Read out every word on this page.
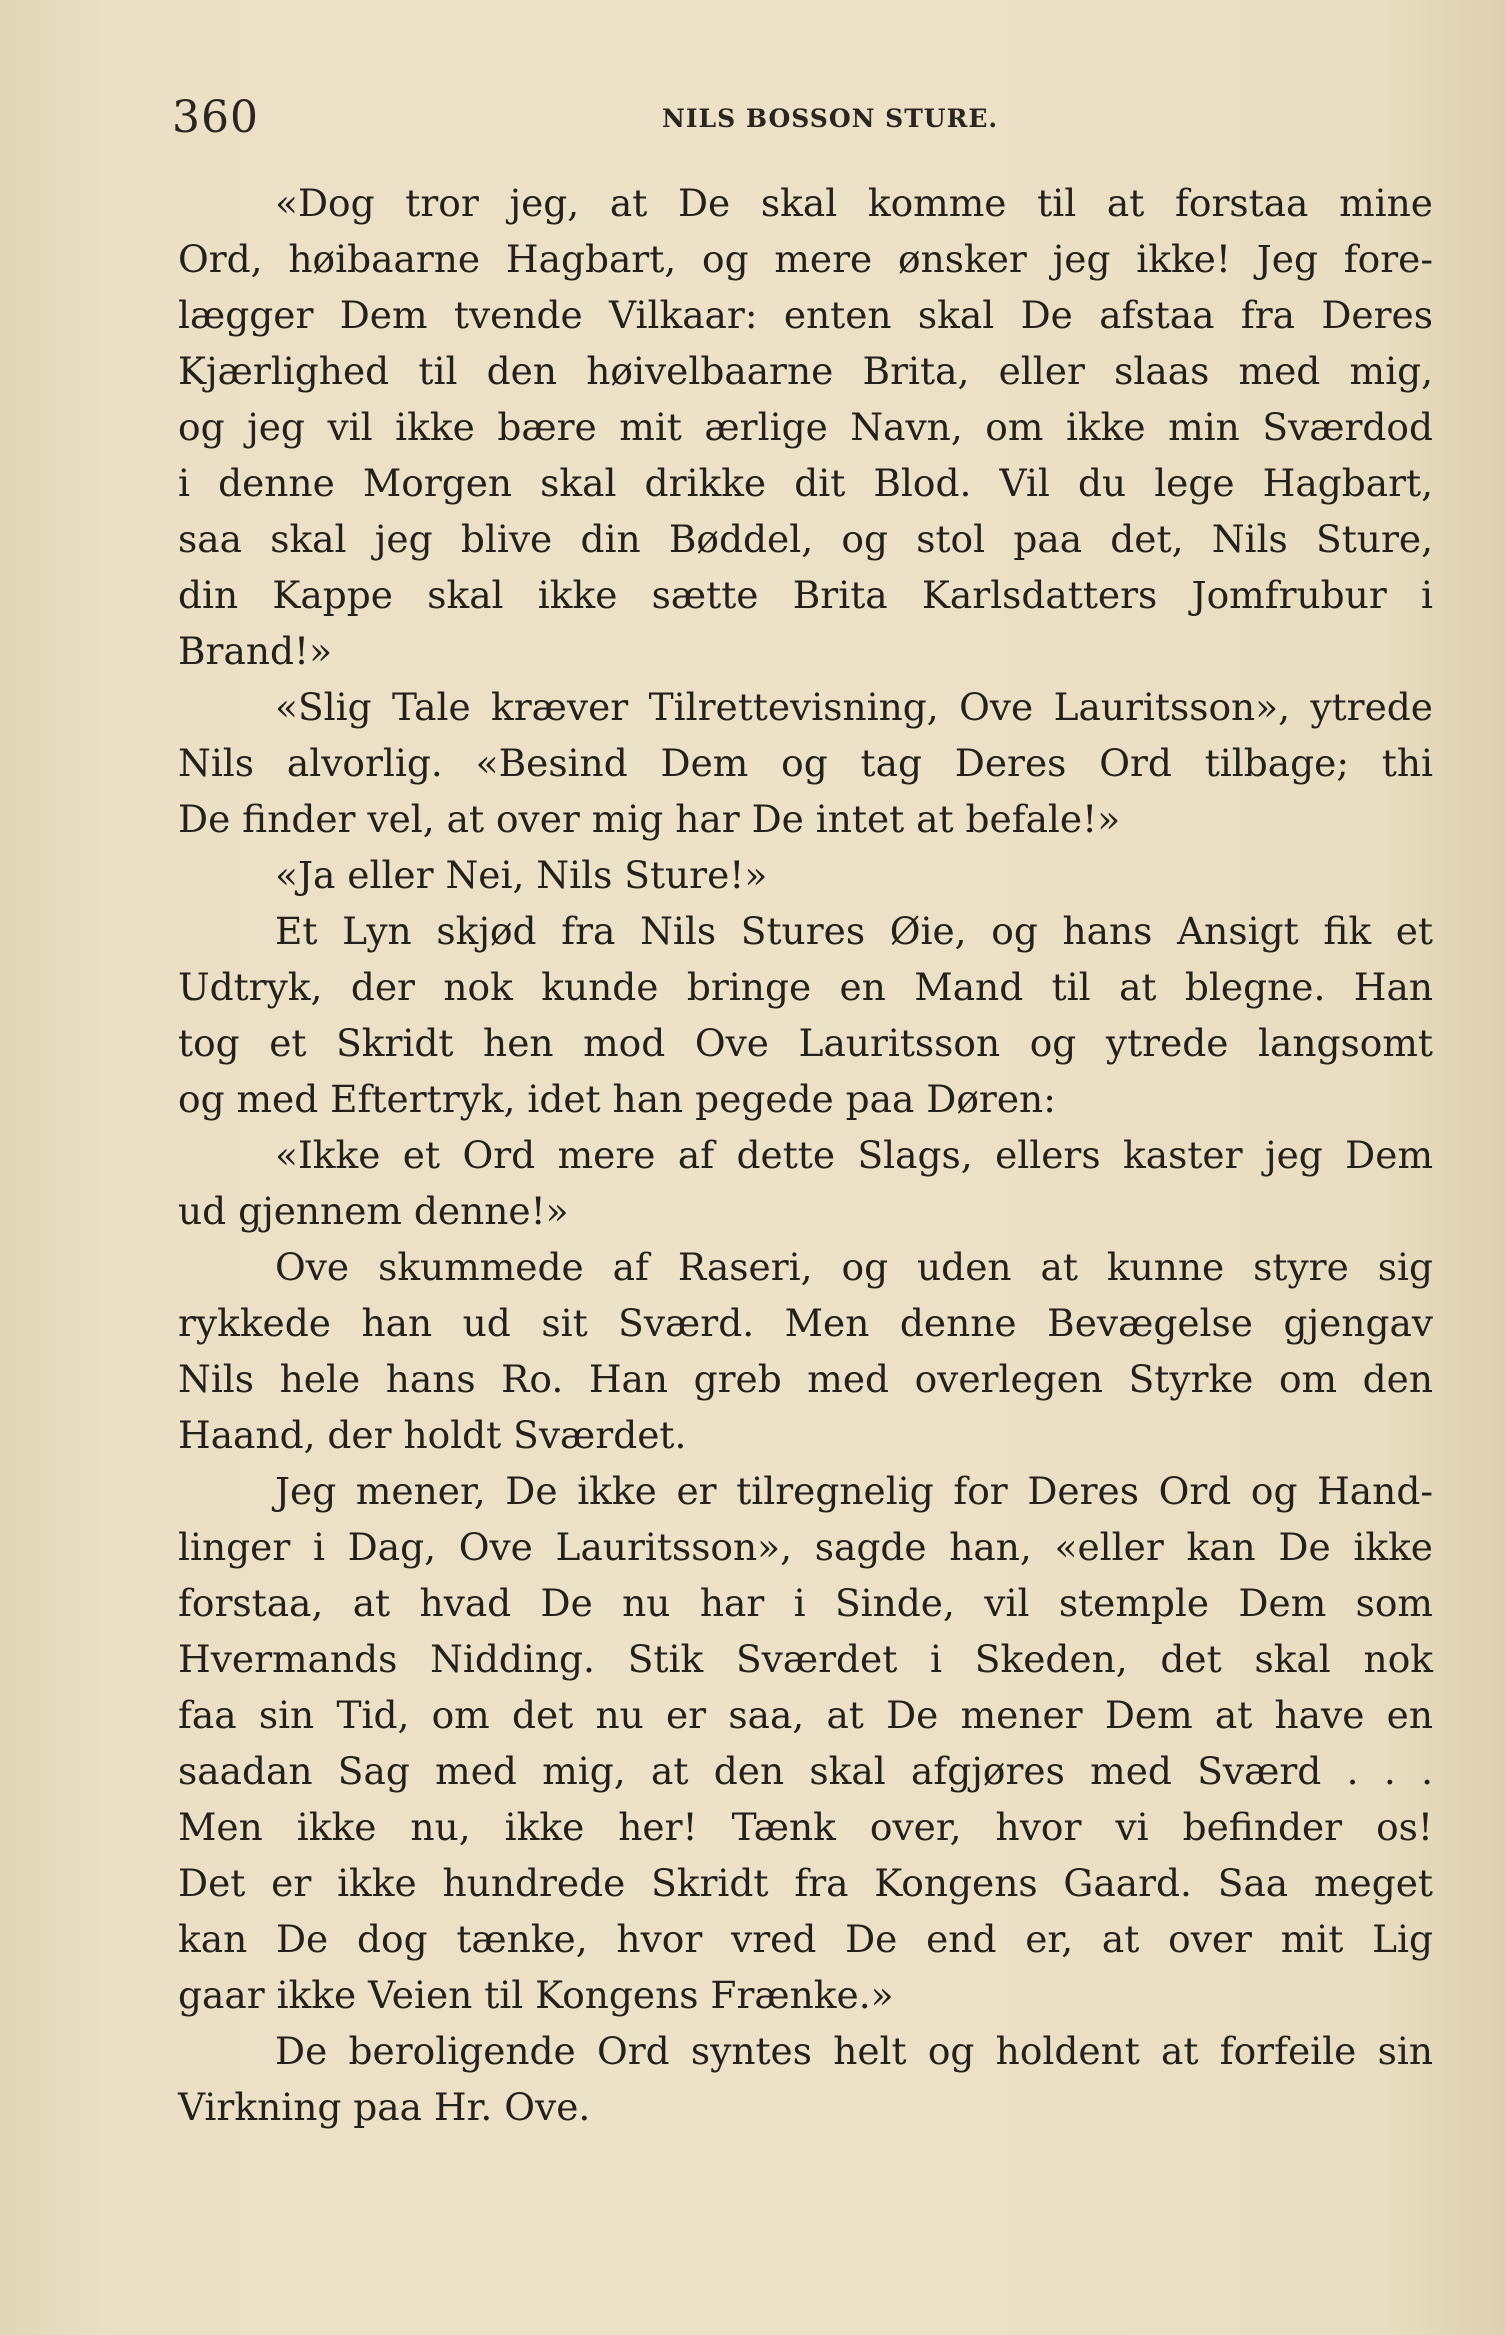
360	NILS BOSSON STURE.
«Dog tror jeg, at De skal komme til at forstaa mine
Ord, høibaarne Hagbart, og mere ønsker jeg ikke! Jeg fore-
lægger Dem tvende Vilkaar: enten skal De afstaa fra Deres
Kjærlighed til den høivelbaarne Brita, eller slaas med mig,
og jeg vil ikke bære mit ærlige Navn, om ikke min Sværdod
i denne Morgen skal drikke dit Blod. Vil du lege Hagbart,
saa skal jeg blive din Bøddel, og stol paa det, Nils Sture,
din Kappe skal ikke sætte Brita Karlsdatters Jomfrubur i
Brand!»
«Slig Tale kræver Tilrettevisning, Ove Lauritsson», ytrede
Nils alvorlig. «Besind Dem og tag Deres Ord tilbage; thi
De finder vel, at over mig har De intet at befale!»
«Ja eller Nei, Nils Sture!»
Et Lyn skjød fra Nils Stures Øie, og hans Ansigt fik et
Udtryk, der nok kunde bringe en Mand til at blegne. Han
tog et Skridt hen mod Ove Lauritsson og ytrede langsomt
og med Eftertryk, idet han pegede paa Døren:
«Ikke et Ord mere af dette Slags, ellers kaster jeg Dem
ud gjennem denne!»
Ove skummede af Raseri, og uden at kunne styre sig
rykkede han ud sit Sværd. Men denne Bevægelse gjengav
Nils hele hans Ro. Han greb med overlegen Styrke om den
Haand, der holdt Sværdet.
Jeg mener, De ikke er tilregnelig for Deres Ord og Hand-
linger i Dag, Ove Lauritsson», sagde han, «eller kan De ikke
forstaa, at hvad De nu har i Sinde, vil stemple Dem som
Hvermands Nidding. Stik Sværdet i Skeden, det skal nok
faa sin Tid, om det nu er saa, at De mener Dem at have en
saadan Sag med mig, at den skal afgjøres med Sværd . . .
Men ikke nu, ikke her! Tænk over, hvor vi befinder os!
Det er ikke hundrede Skridt fra Kongens Gaard. Saa meget
kan De dog tænke, hvor vred De end er, at over mit Lig
gaar ikke Veien til Kongens Frænke.»
De beroligende Ord syntes helt og holdent at forfeile sin
Virkning paa Hr. Ove.
